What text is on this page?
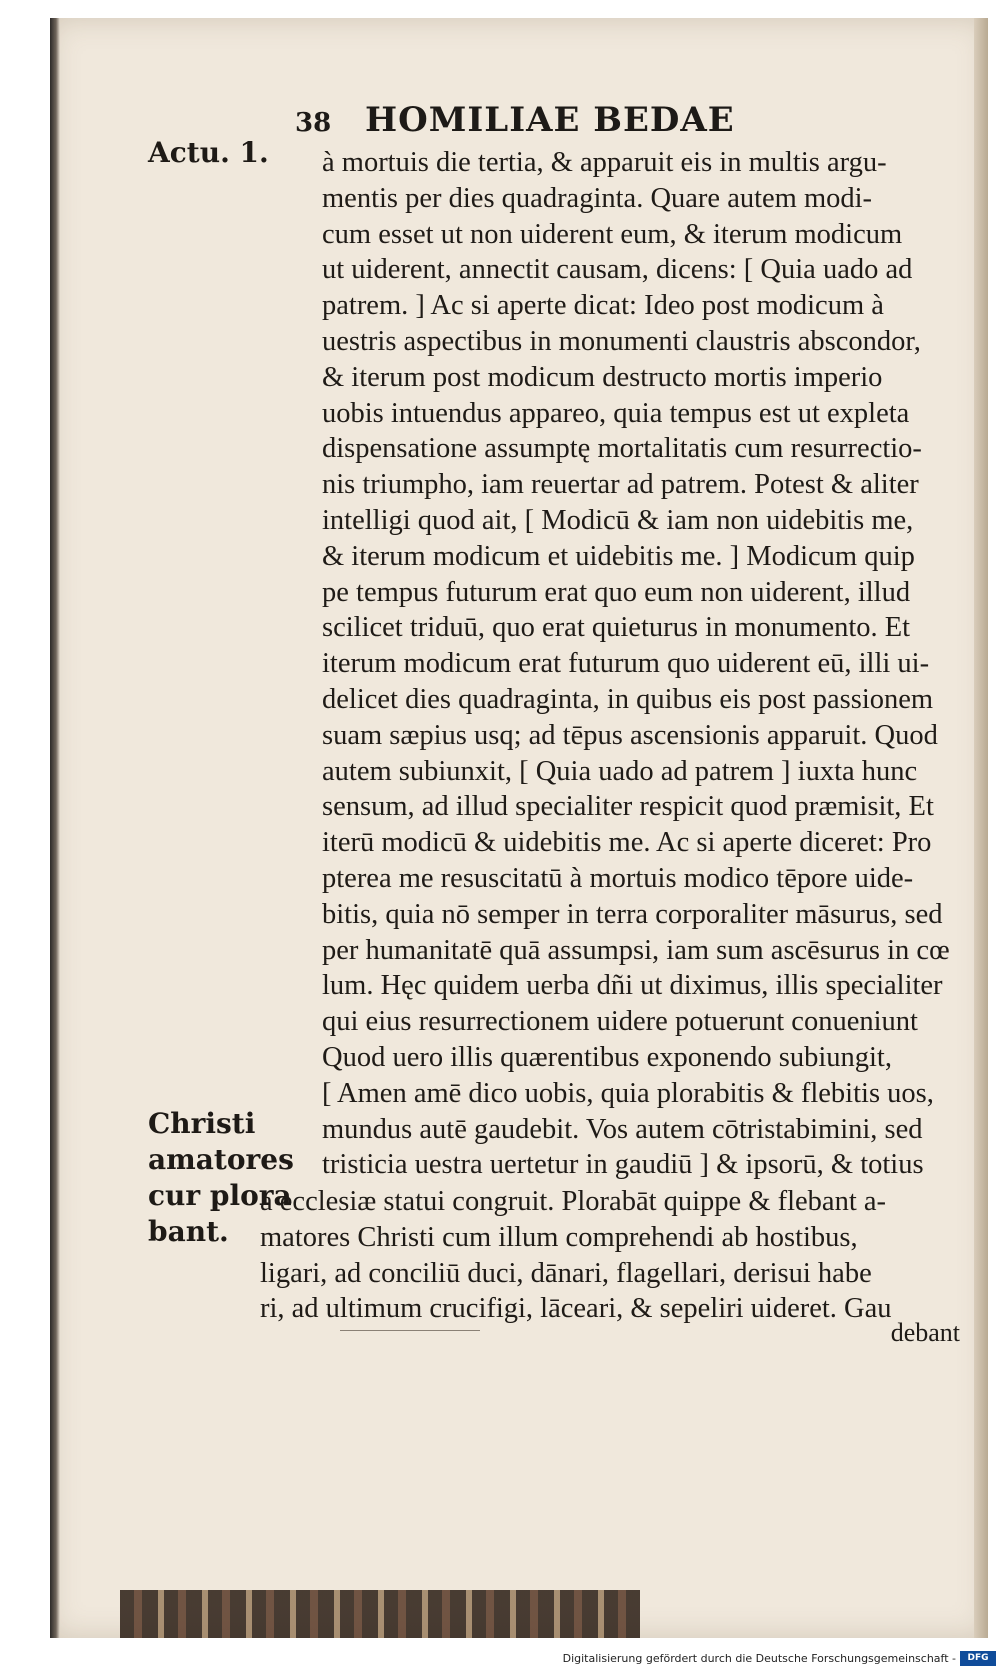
38 HOMILIAE BEDAE
Actu. 1.
Christi
amatores
cur plora
bant.
à mortuis die tertia, & apparuit eis in multis argu-
mentis per dies quadraginta. Quare autem modi-
cum esset ut non uiderent eum, & iterum modicum
ut uiderent, annectit causam, dicens: [ Quia uado ad
patrem. ] Ac si aperte dicat: Ideo post modicum à
uestris aspectibus in monumenti claustris abscondor,
& iterum post modicum destructo mortis imperio
uobis intuendus appareo, quia tempus est ut expleta
dispensatione assumptę mortalitatis cum resurrectio-
nis triumpho, iam reuertar ad patrem. Potest & aliter
intelligi quod ait, [ Modicū & iam non uidebitis me,
& iterum modicum et uidebitis me. ] Modicum quip
pe tempus futurum erat quo eum non uiderent, illud
scilicet triduū, quo erat quieturus in monumento. Et
iterum modicum erat futurum quo uiderent eū, illi ui-
delicet dies quadraginta, in quibus eis post passionem
suam sæpius usq; ad tēpus ascensionis apparuit. Quod
autem subiunxit, [ Quia uado ad patrem ] iuxta hunc
sensum, ad illud specialiter respicit quod præmisit, Et
iterū modicū & uidebitis me. Ac si aperte diceret: Pro
pterea me resuscitatū à mortuis modico tēpore uide-
bitis, quia nō semper in terra corporaliter māsurus, sed
per humanitatē quā assumpsi, iam sum ascēsurus in cœ
lum. Hęc quidem uerba dñi ut diximus, illis specialiter
qui eius resurrectionem uidere potuerunt conueniunt
Quod uero illis quærentibus exponendo subiungit,
[ Amen amē dico uobis, quia plorabitis & flebitis uos,
mundus autē gaudebit. Vos autem cōtristabimini, sed
tristicia uestra uertetur in gaudiū ] & ipsorū, & totius
a ecclesiæ statui congruit. Plorabāt quippe & flebant a-
matores Christi cum illum comprehendi ab hostibus,
ligari, ad conciliū duci, dānari, flagellari, derisui habe
ri, ad ultimum crucifigi, lāceari, & sepeliri uideret. Gau
debant
Digitalisierung gefördert durch die Deutsche Forschungsgemeinschaft -	DFG
